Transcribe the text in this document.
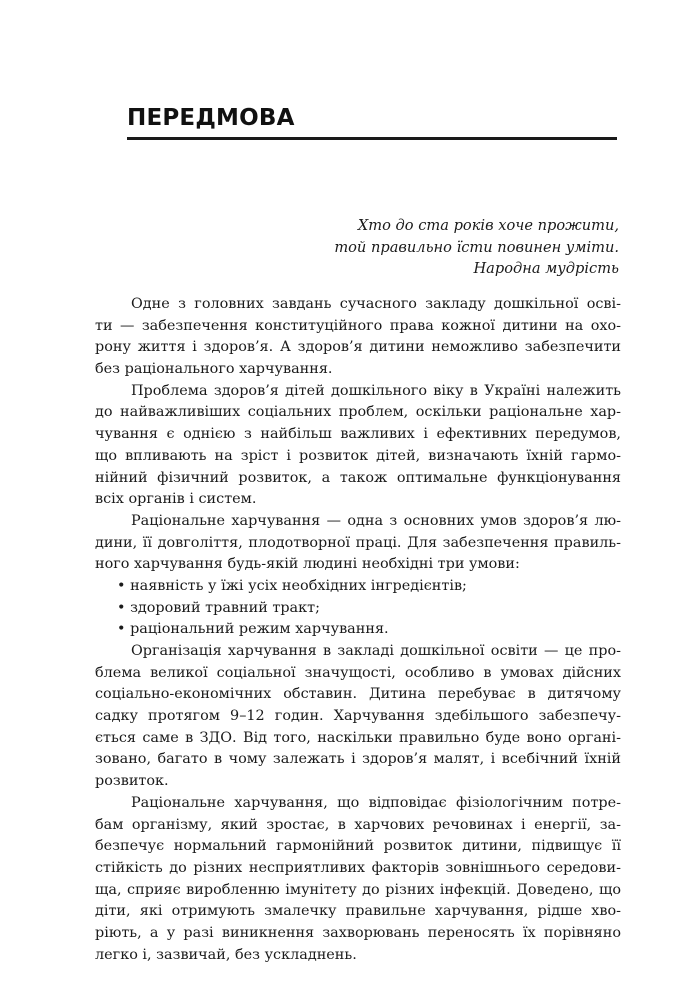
ПЕРЕДМОВА
Хто до ста років хоче прожити,
той правильно їсти повинен уміти.
Народна мудрість
Одне з головних завдань сучасного закладу дошкільної осві-
ти — забезпечення конституційного права кожної дитини на охо-
рону життя і здоров’я. А здоров’я дитини неможливо забезпечити
без раціонального харчування.
Проблема здоров’я дітей дошкільного віку в Україні належить
до найважливіших соціальних проблем, оскільки раціональне хар-
чування є однією з найбільш важливих і ефективних передумов,
що впливають на зріст і розвиток дітей, визначають їхній гармо-
нійний фізичний розвиток, а також оптимальне функціонування
всіх органів і систем.
Раціональне харчування — одна з основних умов здоров’я лю-
дини, її довголіття, плодотворної праці. Для забезпечення правиль-
ного харчування будь-якій людині необхідні три умови:
• наявність у їжі усіх необхідних інгредієнтів;
• здоровий травний тракт;
• раціональний режим харчування.
Організація харчування в закладі дошкільної освіти — це про-
блема великої соціальної значущості, особливо в умовах дійсних
соціально-економічних обставин. Дитина перебуває в дитячому
садку протягом 9–12 годин. Харчування здебільшого забезпечу-
ється саме в ЗДО. Від того, наскільки правильно буде воно органі-
зовано, багато в чому залежать і здоров’я малят, і всебічний їхній
розвиток.
Раціональне харчування, що відповідає фізіологічним потре-
бам організму, який зростає, в харчових речовинах і енергії, за-
безпечує нормальний гармонійний розвиток дитини, підвищує її
стійкість до різних несприятливих факторів зовнішнього середови-
ща, сприяє виробленню імунітету до різних інфекцій. Доведено, що
діти, які отримують змалечку правильне харчування, рідше хво-
ріють, а у разі виникнення захворювань переносять їх порівняно
легко і, зазвичай, без ускладнень.
